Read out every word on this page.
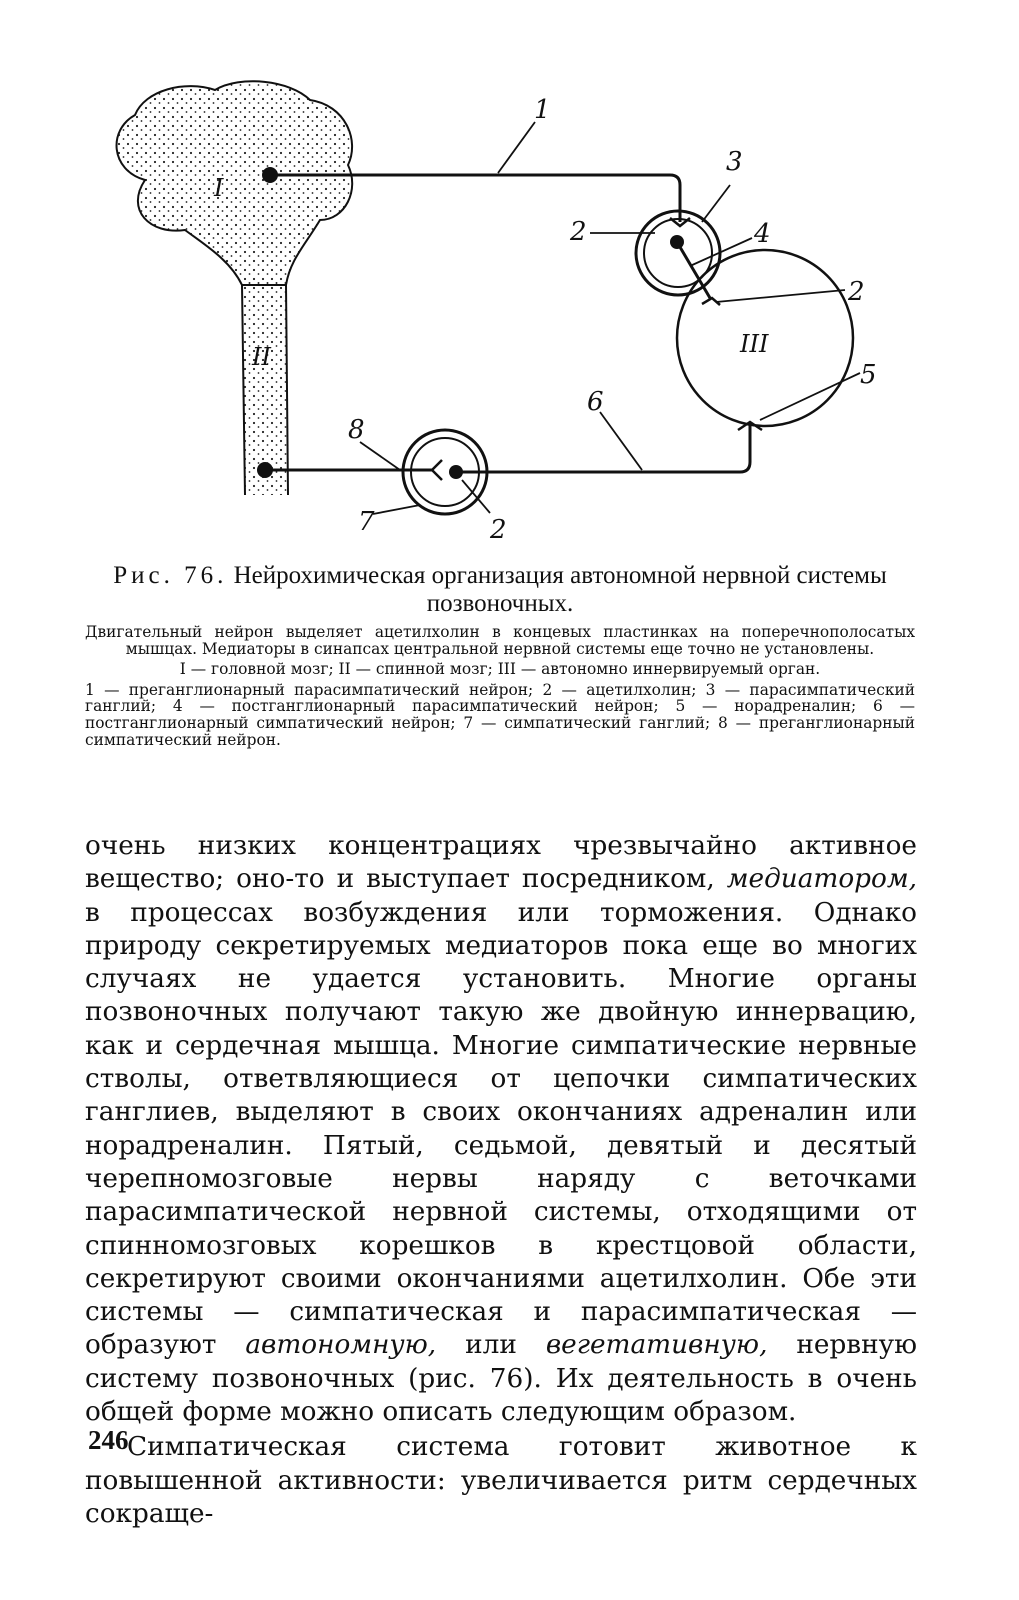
I
II	III
1
2
2
2
3
4
5
6
7
8

Рис. 76. Нейрохимическая организация автономной нервной системы позвоночных.

Двигательный нейрон выделяет ацетилхолин в концевых пластинках на поперечнополосатых мышцах. Медиаторы в синапсах центральной нервной системы еще точно не установлены.

I — головной мозг; II — спинной мозг; III — автономно иннервируемый орган.

1 — преганглионарный парасимпатический нейрон; 2 — ацетилхолин; 3 — парасимпатический ганглий; 4 — постганглионарный парасимпатический нейрон; 5 — норадреналин; 6 — постганглионарный симпатический нейрон; 7 — симпатический ганглий; 8 — преганглионарный симпатический нейрон.

очень низких концентрациях чрезвычайно активное вещество; оно-то и выступает посредником, медиатором, в процессах возбуждения или торможения. Однако природу секретируемых медиаторов пока еще во многих случаях не удается установить. Многие органы позвоночных получают такую же двойную иннервацию, как и сердечная мышца. Многие симпатические нервные стволы, ответвляющиеся от цепочки симпатических ганглиев, выделяют в своих окончаниях адреналин или норадреналин. Пятый, седьмой, девятый и десятый черепномозговые нервы наряду с веточками парасимпатической нервной системы, отходящими от спинномозговых корешков в крестцовой области, секретируют своими окончаниями ацетилхолин. Обе эти системы — симпатическая и парасимпатическая — образуют автономную, или вегетативную, нервную систему позвоночных (рис. 76). Их деятельность в очень общей форме можно описать следующим образом.

Симпатическая система готовит животное к повышенной активности: увеличивается ритм сердечных сокраще-

246
